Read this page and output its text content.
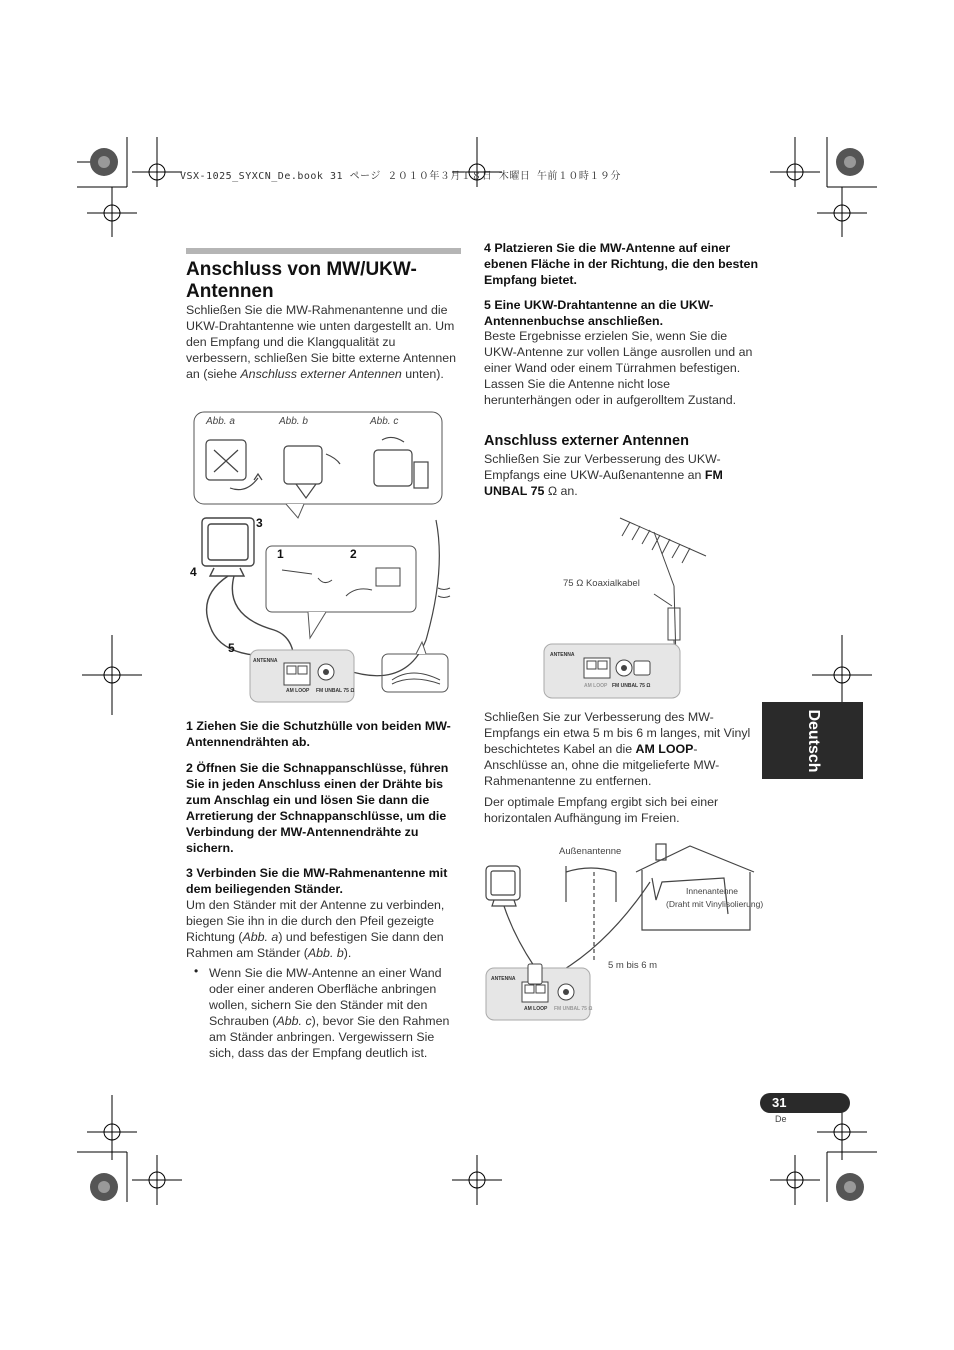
VSX-1025_SYXCN_De.book 31 ページ ２０１０年３月１８日 木曜日 午前１０時１９分
Anschluss von MW/UKW-
Antennen

Schließen Sie die MW-Rahmenantenne und die UKW-Drahtantenne wie unten dargestellt an. Um den Empfang und die Klangqualität zu verbessern, schließen Sie bitte externe Antennen an (siehe Anschluss externer Antennen unten).

Abb. a	Abb. b	Abb. c
3
1	2
4
5
ANTENNA
AM LOOP FM UNBAL 75 Ω

1 Ziehen Sie die Schutzhülle von beiden MW-Antennendrähten ab.

2 Öffnen Sie die Schnappanschlüsse, führen Sie in jeden Anschluss einen der Drähte bis zum Anschlag ein und lösen Sie dann die Arretierung der Schnappanschlüsse, um die Verbindung der MW-Antennendrähte zu sichern.

3 Verbinden Sie die MW-Rahmenantenne mit dem beiliegenden Ständer.

Um den Ständer mit der Antenne zu verbinden, biegen Sie ihn in die durch den Pfeil gezeigte Richtung (Abb. a) und befestigen Sie dann den Rahmen am Ständer (Abb. b).

• Wenn Sie die MW-Antenne an einer Wand oder einer anderen Oberfläche anbringen wollen, sichern Sie den Ständer mit den Schrauben (Abb. c), bevor Sie den Rahmen am Ständer anbringen. Vergewissern Sie sich, dass das der Empfang deutlich ist.

4 Platzieren Sie die MW-Antenne auf einer ebenen Fläche in der Richtung, die den besten Empfang bietet.

5 Eine UKW-Drahtantenne an die UKW-Antennenbuchse anschließen.

Beste Ergebnisse erzielen Sie, wenn Sie die UKW-Antenne zur vollen Länge ausrollen und an einer Wand oder einem Türrahmen befestigen. Lassen Sie die Antenne nicht lose herunterhängen oder in aufgerolltem Zustand.

Anschluss externer Antennen

Schließen Sie zur Verbesserung des UKW-Empfangs eine UKW-Außenantenne an FM UNBAL 75 Ω an.

75 Ω Koaxialkabel
ANTENNA
AM LOOP FM UNBAL 75 Ω

Schließen Sie zur Verbesserung des MW-Empfangs ein etwa 5 m bis 6 m langes, mit Vinyl beschichtetes Kabel an die AM LOOP-Anschlüsse an, ohne die mitgelieferte MW-Rahmenantenne zu entfernen.

Der optimale Empfang ergibt sich bei einer horizontalen Aufhängung im Freien.

Außenantenne
Innenantenne
(Draht mit Vinylisolierung)
5 m bis 6 m
ANTENNA
AM LOOP FM UNBAL 75 Ω
Deutsch
31
De
